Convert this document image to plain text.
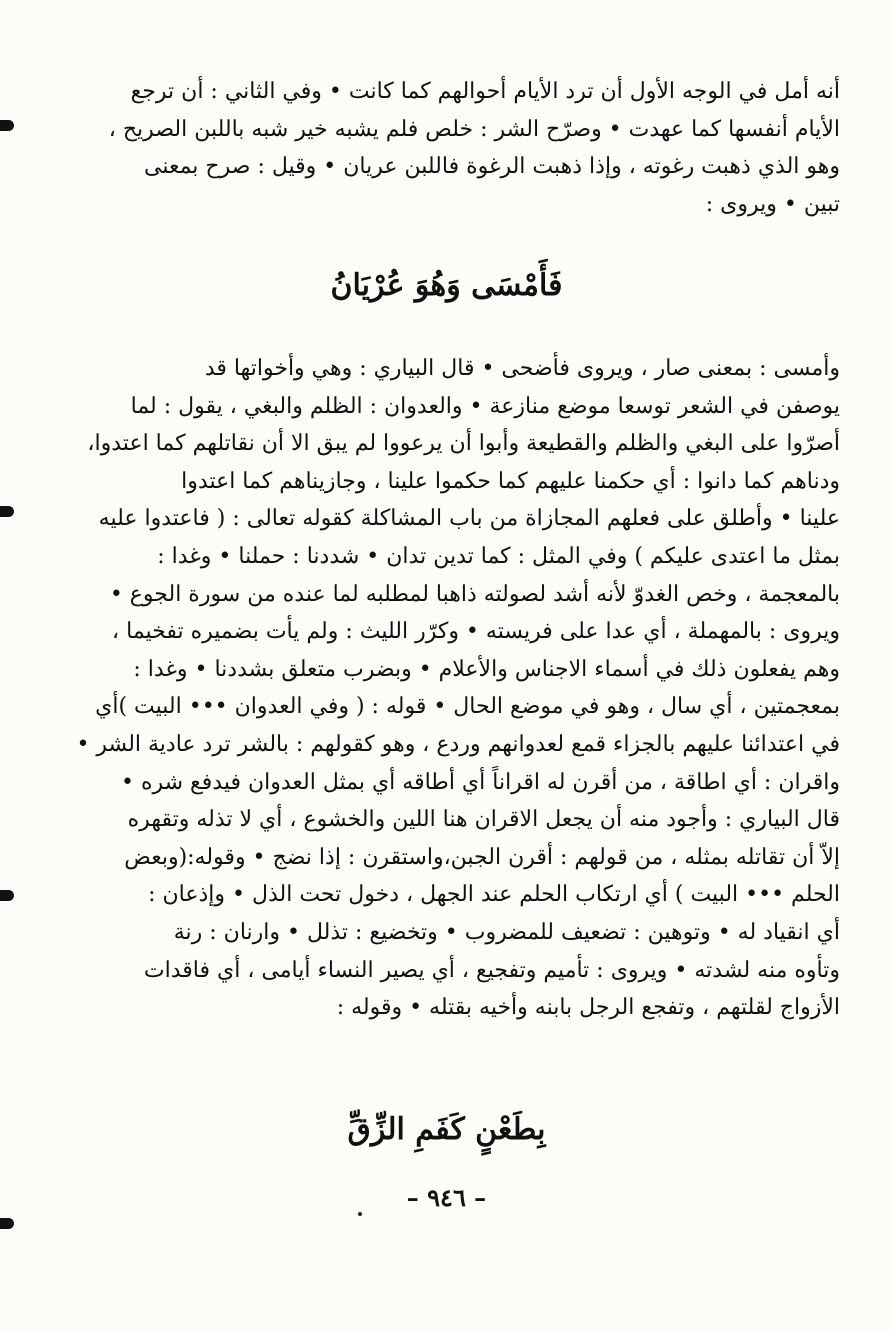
أنه أمل في الوجه الأول أن ترد الأيام أحوالهم كما كانت • وفي الثاني : أن ترجع
الأيام أنفسها كما عهدت • وصرّح الشر : خلص فلم يشبه خير شبه باللبن الصريح ،
وهو الذي ذهبت رغوته ، وإذا ذهبت الرغوة فاللبن عريان • وقيل : صرح بمعنى
تبين • ويروى :
فَأَمْسَى وَهُوَ عُرْيَانُ
وأمسى : بمعنى صار ، ويروى فأضحى • قال البياري : وهي وأخواتها قد
يوصفن في الشعر توسعا موضع منازعة • والعدوان : الظلم والبغي ، يقول : لما
أصرّوا على البغي والظلم والقطيعة وأبوا أن يرعووا لم يبق الا أن نقاتلهم كما اعتدوا،
ودناهم كما دانوا : أي حكمنا عليهم كما حكموا علينا ، وجازيناهم كما اعتدوا
علينا • وأطلق على فعلهم المجازاة من باب المشاكلة كقوله تعالى : ( فاعتدوا عليه
بمثل ما اعتدى عليكم ) وفي المثل : كما تدين تدان • شددنا : حملنا • وغدا :
بالمعجمة ، وخص الغدوّ لأنه أشد لصولته ذاهبا لمطلبه لما عنده من سورة الجوع •
ويروى : بالمهملة ، أي عدا على فريسته • وكرّر الليث : ولم يأت بضميره تفخيما ،
وهم يفعلون ذلك في أسماء الاجناس والأعلام • وبضرب متعلق بشددنا • وغدا :
بمعجمتين ، أي سال ، وهو في موضع الحال • قوله : ( وفي العدوان ••• البيت )أي
في اعتدائنا عليهم بالجزاء قمع لعدوانهم وردع ، وهو كقولهم : بالشر ترد عادية الشر •
واقران : أي اطاقة ، من أقرن له اقراناً أي أطاقه أي بمثل العدوان فيدفع شره •
قال البياري : وأجود منه أن يجعل الاقران هنا اللين والخشوع ، أي لا تذله وتقهره
إلاّ أن تقاتله بمثله ، من قولهم : أقرن الجبن،واستقرن : إذا نضج • وقوله:(وبعض
الحلم ••• البيت ) أي ارتكاب الحلم عند الجهل ، دخول تحت الذل • وإذعان :
أي انقياد له • وتوهين : تضعيف للمضروب • وتخضيع : تذلل • وارنان : رنة
وتأوه منه لشدته • ويروى : تأميم وتفجيع ، أي يصير النساء أيامى ، أي فاقدات
الأزواج لقلتهم ، وتفجع الرجل بابنه وأخيه بقتله • وقوله :
بِطَعْنٍ كَفَمِ الزِّقِّ
– ٩٤٦ –
